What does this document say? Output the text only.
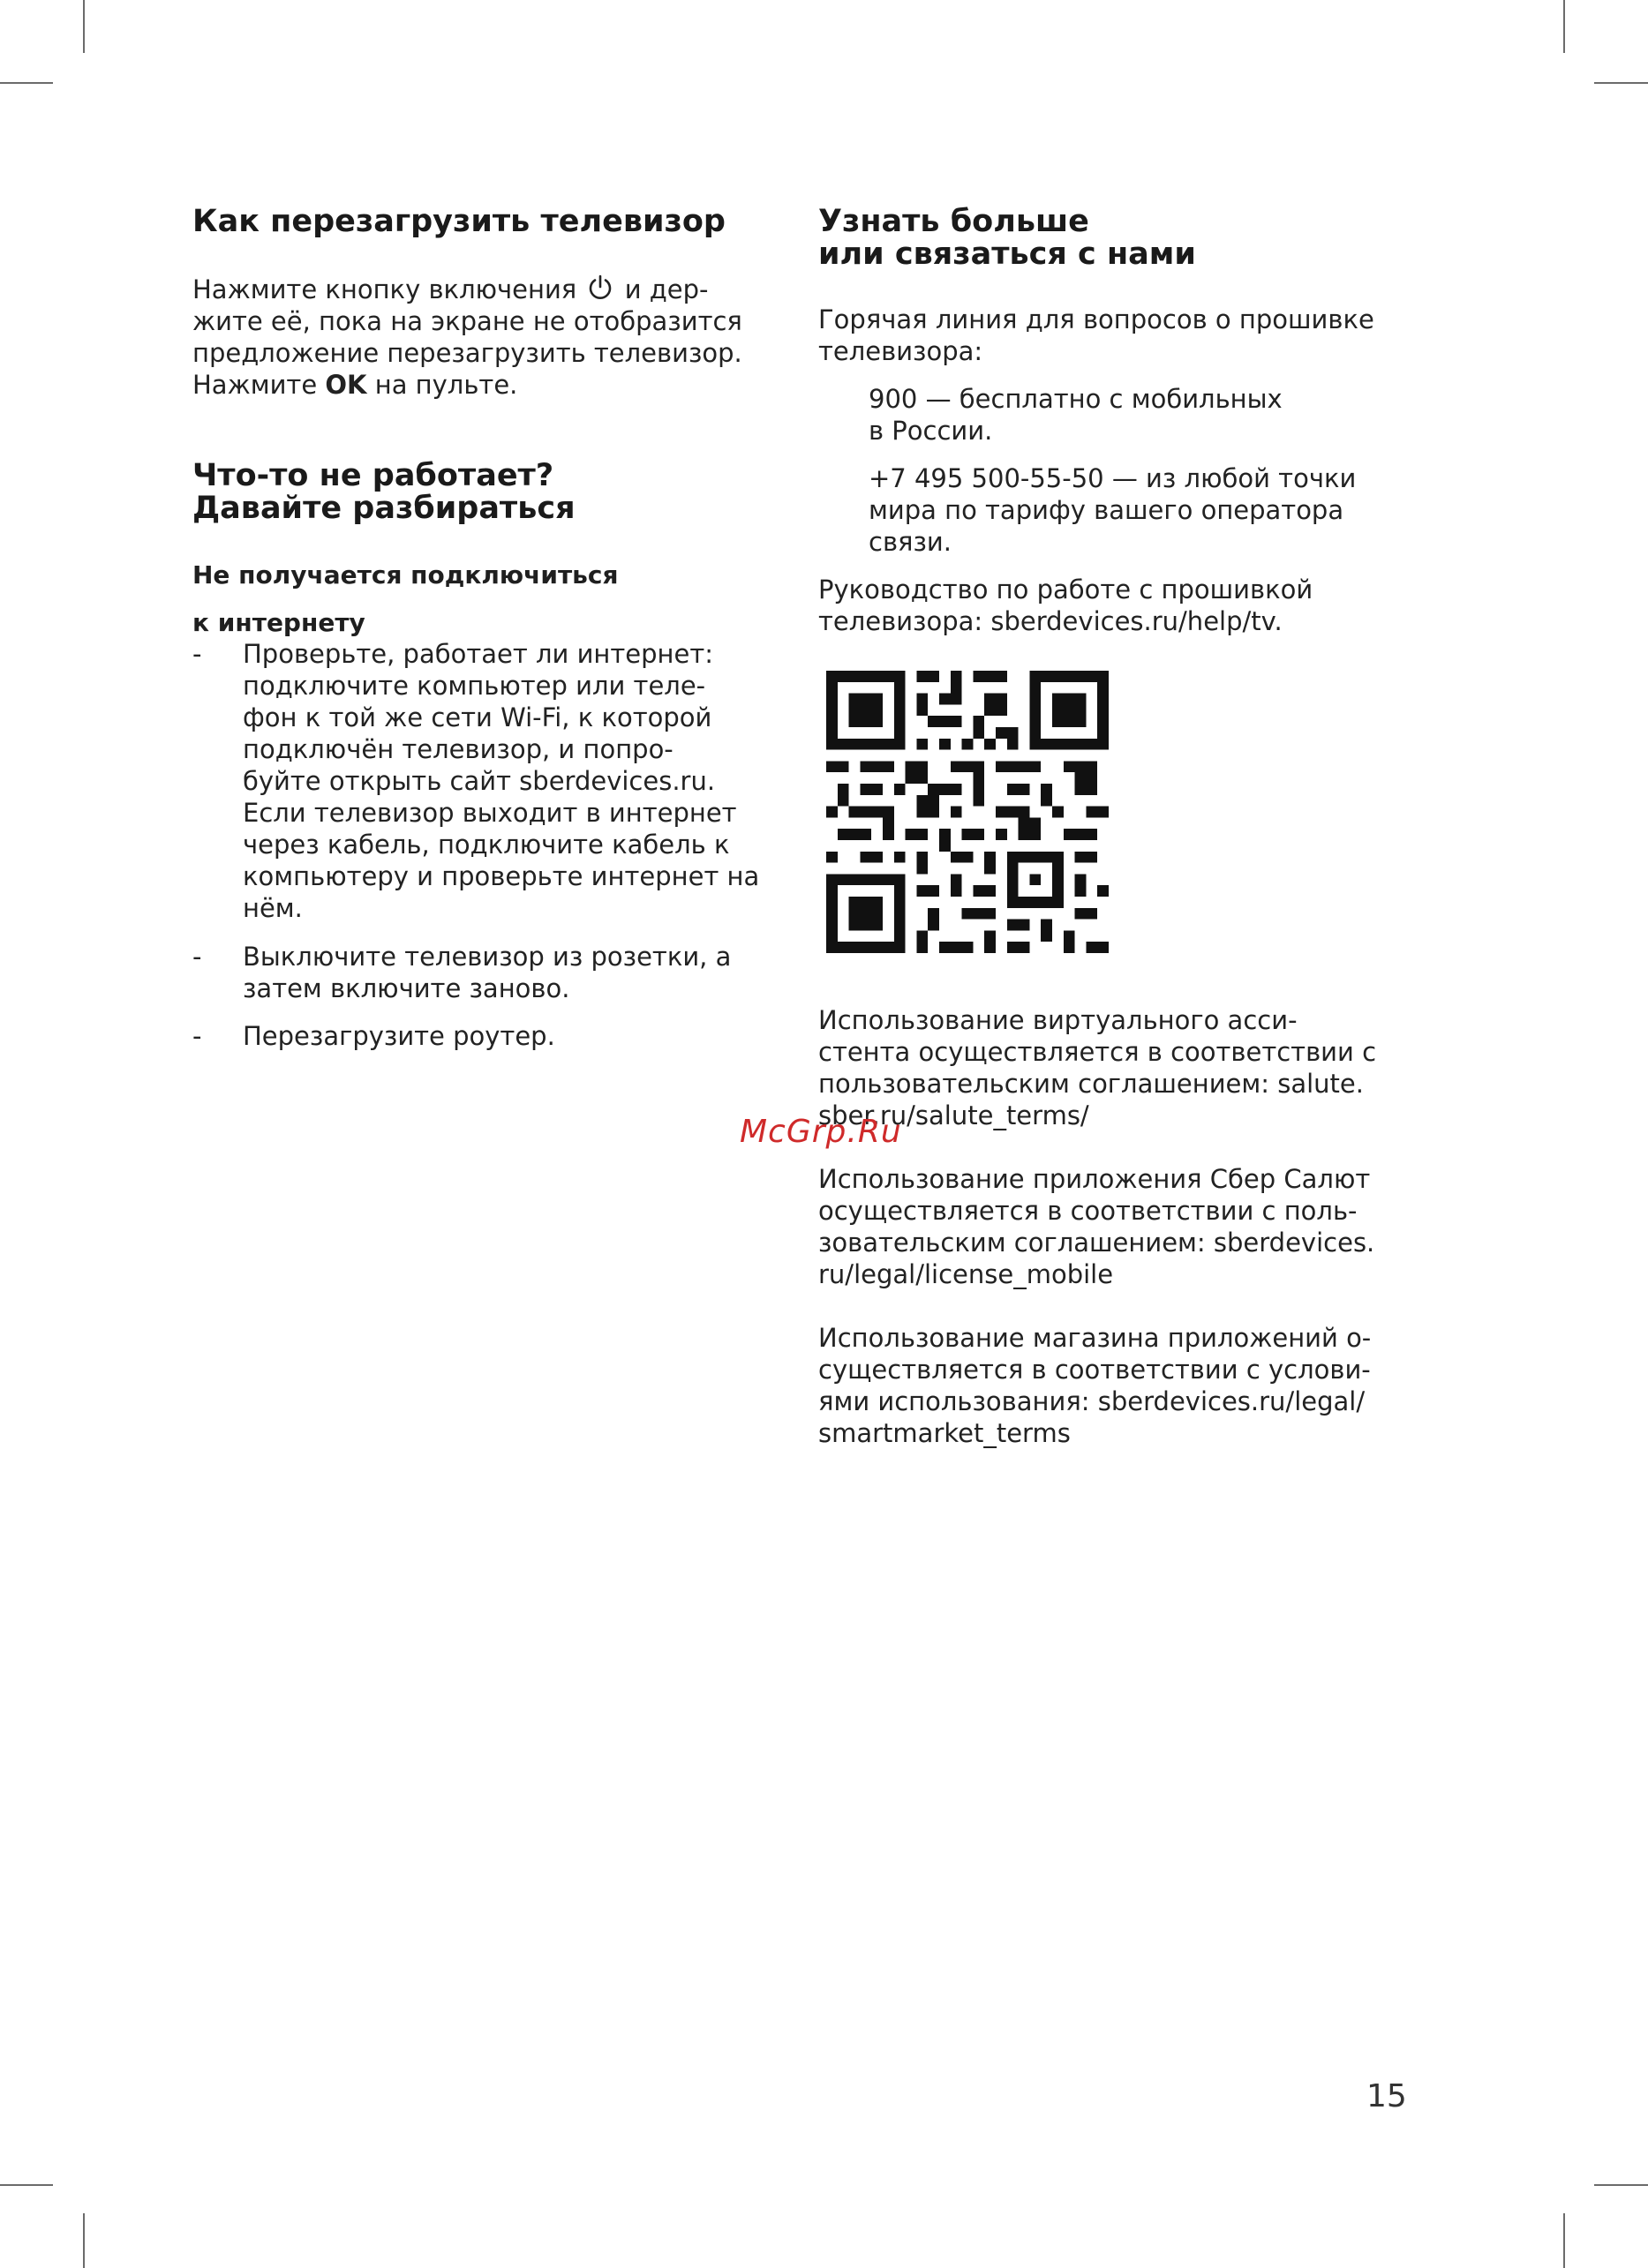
Как перезагрузить телевизор

Нажмите кнопку включения и дер-
жите её, пока на экране не отобразится
предложение перезагрузить телевизор.
Нажмите OK на пульте.

Что-то не работает?
Давайте разбираться
Не получается подключиться
к интернету
- Проверьте, работает ли интернет:
подключите компьютер или теле-
фон к той же сети Wi-Fi, к которой
подключён телевизор, и попро-
буйте открыть сайт sberdevices.ru.
Если телевизор выходит в интернет
через кабель, подключите кабель к
компьютеру и проверьте интернет на
нём.
- Выключите телевизор из розетки, а
затем включите заново.
- Перезагрузите роутер.
Узнать больше
или связаться с нами

Горячая линия для вопросов о прошивке
телевизора:

900 — бесплатно с мобильных
в России.

+7 495 500-55-50 — из любой точки
мира по тарифу вашего оператора
связи.

Руководство по работе с прошивкой
телевизора: sberdevices.ru/help/tv.

Использование виртуального асси-
стента осуществляется в соответствии с
пользовательским соглашением: salute.
sber.ru/salute_terms/

Использование приложения Сбер Салют
осуществляется в соответствии с поль-
зовательским соглашением: sberdevices.
ru/legal/license_mobile

Использование магазина приложений о-
существляется в соответствии с услови-
ями использования: sberdevices.ru/legal/
smartmarket_terms

McGrp.Ru
15
